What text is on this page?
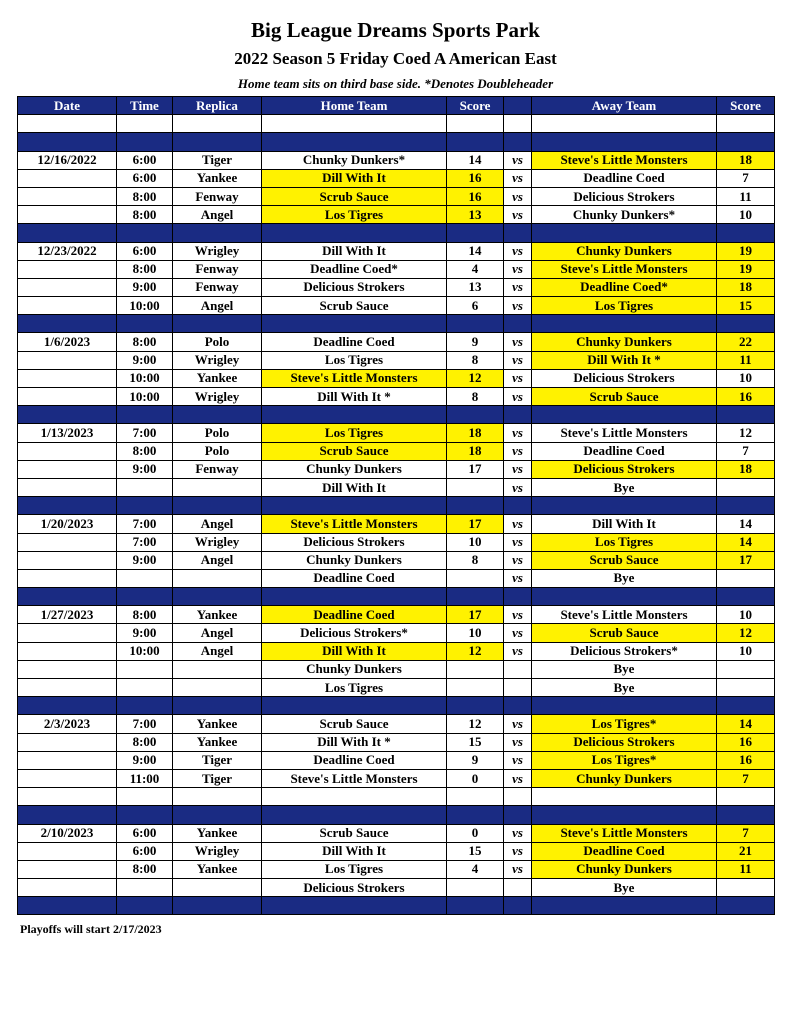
Big League Dreams Sports Park
2022 Season 5 Friday Coed A American East
Home team sits on third base side. *Denotes Doubleheader
Date	Time	Replica	Home Team	Score		Away Team	Score

12/16/2022	6:00	Tiger	Chunky Dunkers*	14	vs	Steve's Little Monsters	18
	6:00	Yankee	Dill With It	16	vs	Deadline Coed	7
	8:00	Fenway	Scrub Sauce	16	vs	Delicious Strokers	11
	8:00	Angel	Los Tigres	13	vs	Chunky Dunkers*	10

12/23/2022	6:00	Wrigley	Dill With It	14	vs	Chunky Dunkers	19
	8:00	Fenway	Deadline Coed*	4	vs	Steve's Little Monsters	19
	9:00	Fenway	Delicious Strokers	13	vs	Deadline Coed*	18
	10:00	Angel	Scrub Sauce	6	vs	Los Tigres	15

1/6/2023	8:00	Polo	Deadline Coed	9	vs	Chunky Dunkers	22
	9:00	Wrigley	Los Tigres	8	vs	Dill With It *	11
	10:00	Yankee	Steve's Little Monsters	12	vs	Delicious Strokers	10
	10:00	Wrigley	Dill With It *	8	vs	Scrub Sauce	16

1/13/2023	7:00	Polo	Los Tigres	18	vs	Steve's Little Monsters	12
	8:00	Polo	Scrub Sauce	18	vs	Deadline Coed	7
	9:00	Fenway	Chunky Dunkers	17	vs	Delicious Strokers	18
			Dill With It		vs	Bye	

1/20/2023	7:00	Angel	Steve's Little Monsters	17	vs	Dill With It	14
	7:00	Wrigley	Delicious Strokers	10	vs	Los Tigres	14
	9:00	Angel	Chunky Dunkers	8	vs	Scrub Sauce	17
			Deadline Coed		vs	Bye	

1/27/2023	8:00	Yankee	Deadline Coed	17	vs	Steve's Little Monsters	10
	9:00	Angel	Delicious Strokers*	10	vs	Scrub Sauce	12
	10:00	Angel	Dill With It	12	vs	Delicious Strokers*	10
			Chunky Dunkers			Bye	
			Los Tigres			Bye	

2/3/2023	7:00	Yankee	Scrub Sauce	12	vs	Los Tigres*	14
	8:00	Yankee	Dill With It *	15	vs	Delicious Strokers	16
	9:00	Tiger	Deadline Coed	9	vs	Los Tigres*	16
	11:00	Tiger	Steve's Little Monsters	0	vs	Chunky Dunkers	7

2/10/2023	6:00	Yankee	Scrub Sauce	0	vs	Steve's Little Monsters	7
	6:00	Wrigley	Dill With It	15	vs	Deadline Coed	21
	8:00	Yankee	Los Tigres	4	vs	Chunky Dunkers	11
			Delicious Strokers			Bye	

Playoffs will start 2/17/2023
